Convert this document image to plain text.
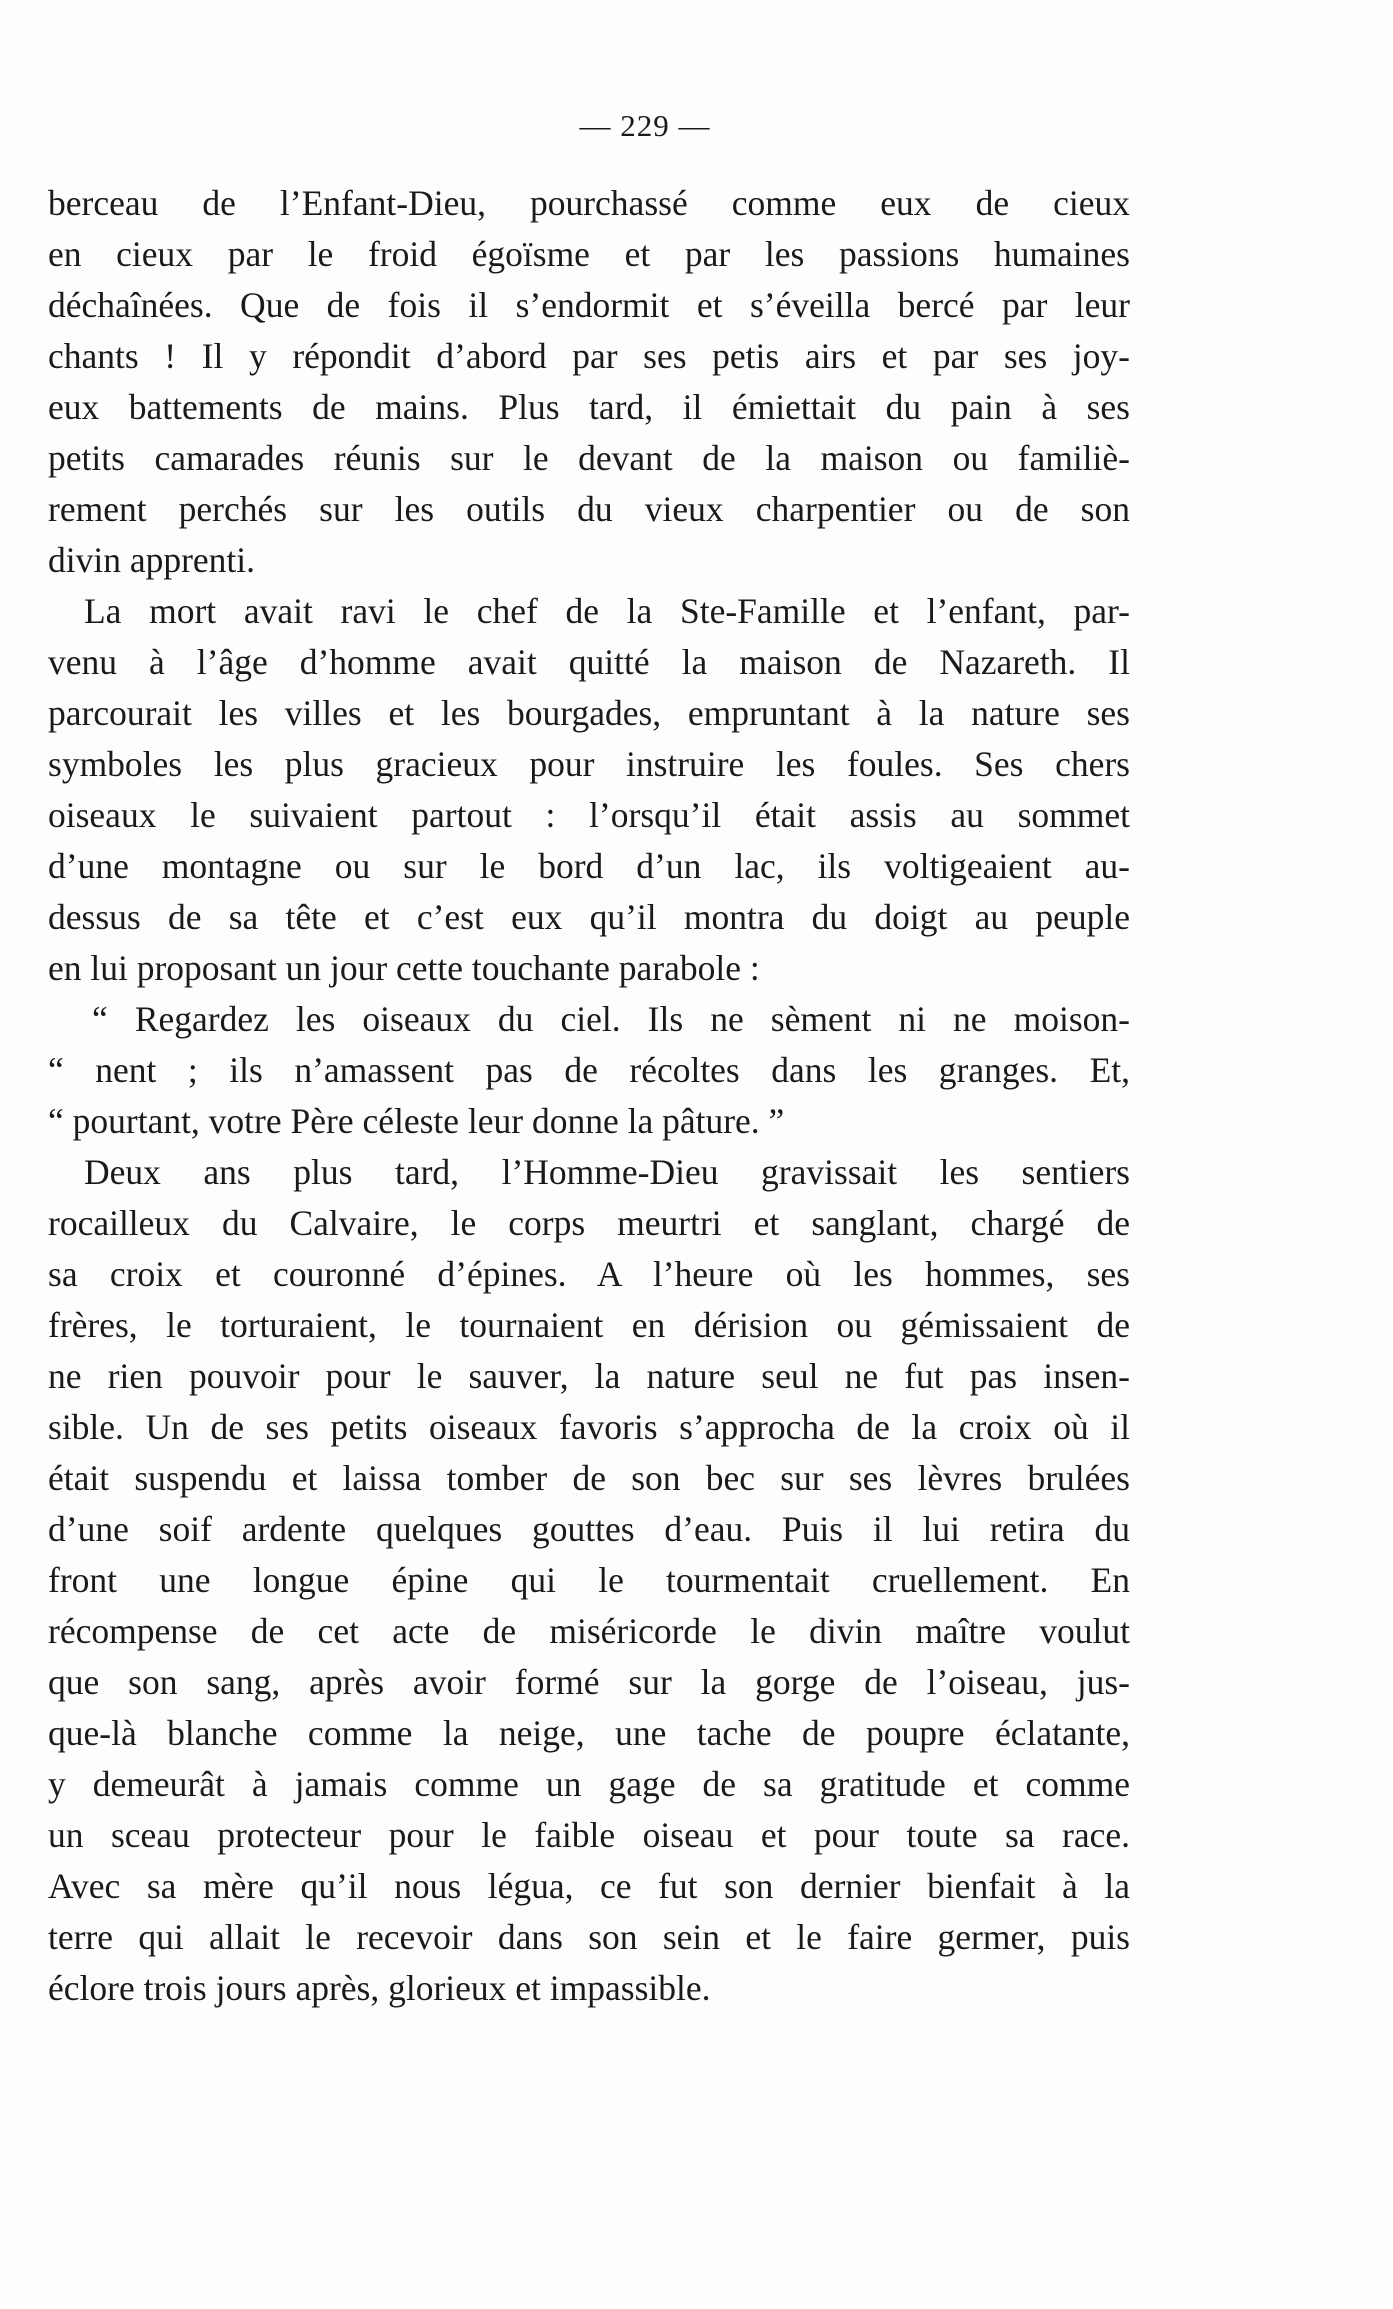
— 229 —
berceau de l’Enfant-Dieu, pourchassé comme eux de cieux
en cieux par le froid égoïsme et par les passions humaines
déchaînées. Que de fois il s’endormit et s’éveilla bercé par leur
chants ! Il y répondit d’abord par ses petis airs et par ses joy-
eux battements de mains. Plus tard, il émiettait du pain à ses
petits camarades réunis sur le devant de la maison ou familiè-
rement perchés sur les outils du vieux charpentier ou de son
divin apprenti.
La mort avait ravi le chef de la Ste-Famille et l’enfant, par-
venu à l’âge d’homme avait quitté la maison de Nazareth. Il
parcourait les villes et les bourgades, empruntant à la nature ses
symboles les plus gracieux pour instruire les foules. Ses chers
oiseaux le suivaient partout : l’orsqu’il était assis au sommet
d’une montagne ou sur le bord d’un lac, ils voltigeaient au-
dessus de sa tête et c’est eux qu’il montra du doigt au peuple
en lui proposant un jour cette touchante parabole :
“ Regardez les oiseaux du ciel. Ils ne sèment ni ne moison-
“ nent ; ils n’amassent pas de récoltes dans les granges. Et,
“ pourtant, votre Père céleste leur donne la pâture. ”
Deux ans plus tard, l’Homme-Dieu gravissait les sentiers
rocailleux du Calvaire, le corps meurtri et sanglant, chargé de
sa croix et couronné d’épines. A l’heure où les hommes, ses
frères, le torturaient, le tournaient en dérision ou gémissaient de
ne rien pouvoir pour le sauver, la nature seul ne fut pas insen-
sible. Un de ses petits oiseaux favoris s’approcha de la croix où il
était suspendu et laissa tomber de son bec sur ses lèvres brulées
d’une soif ardente quelques gouttes d’eau. Puis il lui retira du
front une longue épine qui le tourmentait cruellement. En
récompense de cet acte de miséricorde le divin maître voulut
que son sang, après avoir formé sur la gorge de l’oiseau, jus-
que-là blanche comme la neige, une tache de poupre éclatante,
y demeurât à jamais comme un gage de sa gratitude et comme
un sceau protecteur pour le faible oiseau et pour toute sa race.
Avec sa mère qu’il nous légua, ce fut son dernier bienfait à la
terre qui allait le recevoir dans son sein et le faire germer, puis
éclore trois jours après, glorieux et impassible.
